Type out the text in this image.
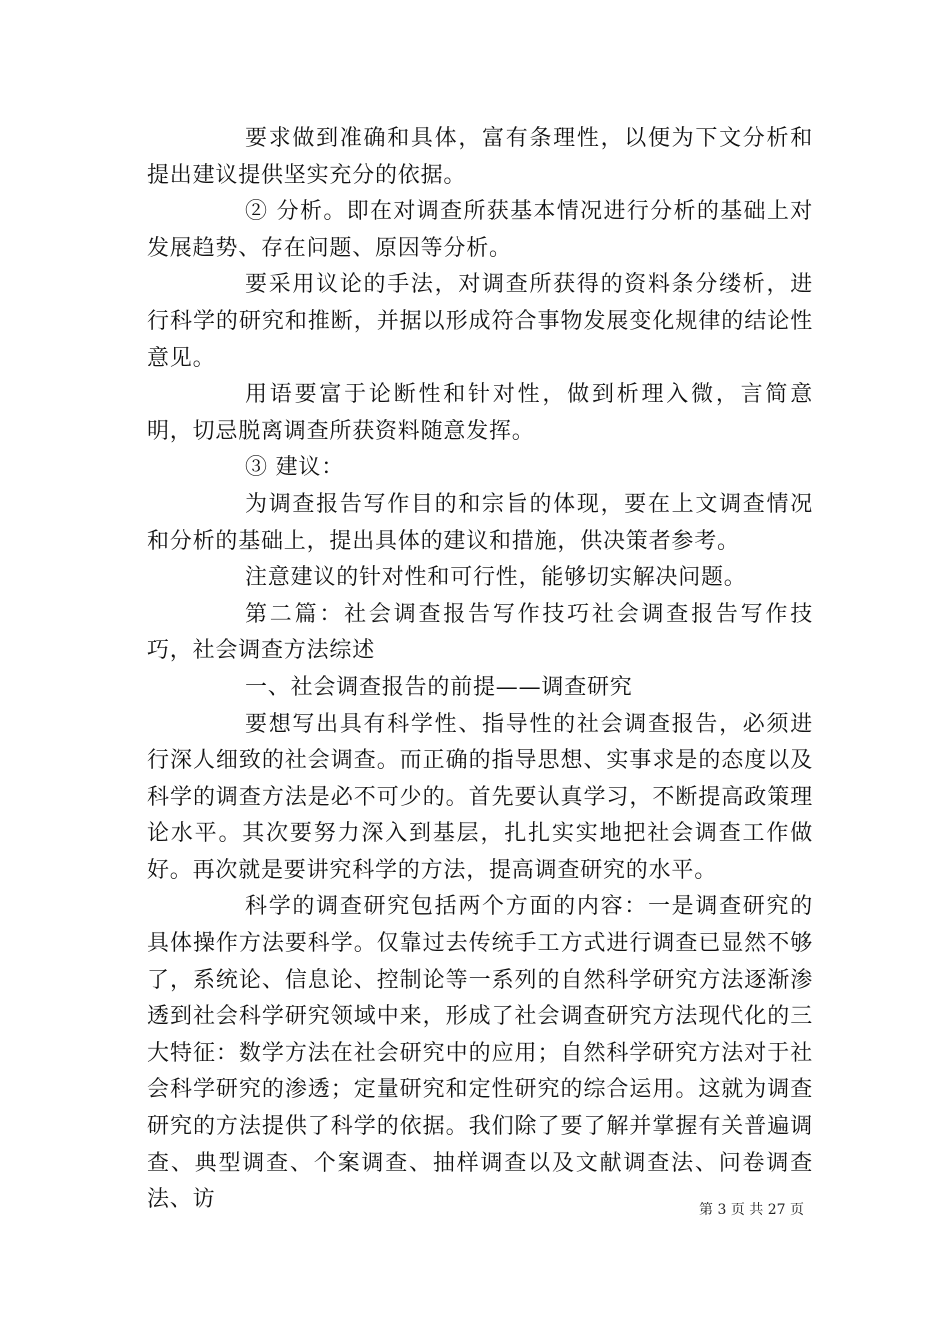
要求做到准确和具体，富有条理性，以便为下文分析和提出建议提供坚实充分的依据。

② 分析。即在对调查所获基本情况进行分析的基础上对发展趋势、存在问题、原因等分析。

要采用议论的手法，对调查所获得的资料条分缕析，进行科学的研究和推断，并据以形成符合事物发展变化规律的结论性意见。

用语要富于论断性和针对性，做到析理入微，言简意明，切忌脱离调查所获资料随意发挥。

③ 建议：

为调查报告写作目的和宗旨的体现，要在上文调查情况和分析的基础上，提出具体的建议和措施，供决策者参考。

注意建议的针对性和可行性，能够切实解决问题。

第二篇：社会调查报告写作技巧社会调查报告写作技巧，社会调查方法综述

一、社会调查报告的前提——调查研究

要想写出具有科学性、指导性的社会调查报告，必须进行深人细致的社会调查。而正确的指导思想、实事求是的态度以及科学的调查方法是必不可少的。首先要认真学习，不断提高政策理论水平。其次要努力深入到基层，扎扎实实地把社会调查工作做好。再次就是要讲究科学的方法，提高调查研究的水平。

科学的调查研究包括两个方面的内容：一是调查研究的具体操作方法要科学。仅靠过去传统手工方式进行调查已显然不够了，系统论、信息论、控制论等一系列的自然科学研究方法逐渐渗透到社会科学研究领域中来，形成了社会调查研究方法现代化的三大特征：数学方法在社会研究中的应用；自然科学研究方法对于社会科学研究的渗透；定量研究和定性研究的综合运用。这就为调查研究的方法提供了科学的依据。我们除了要了解并掌握有关普遍调查、典型调查、个案调查、抽样调查以及文献调查法、问卷调查法、访	第 3 页 共 27 页
